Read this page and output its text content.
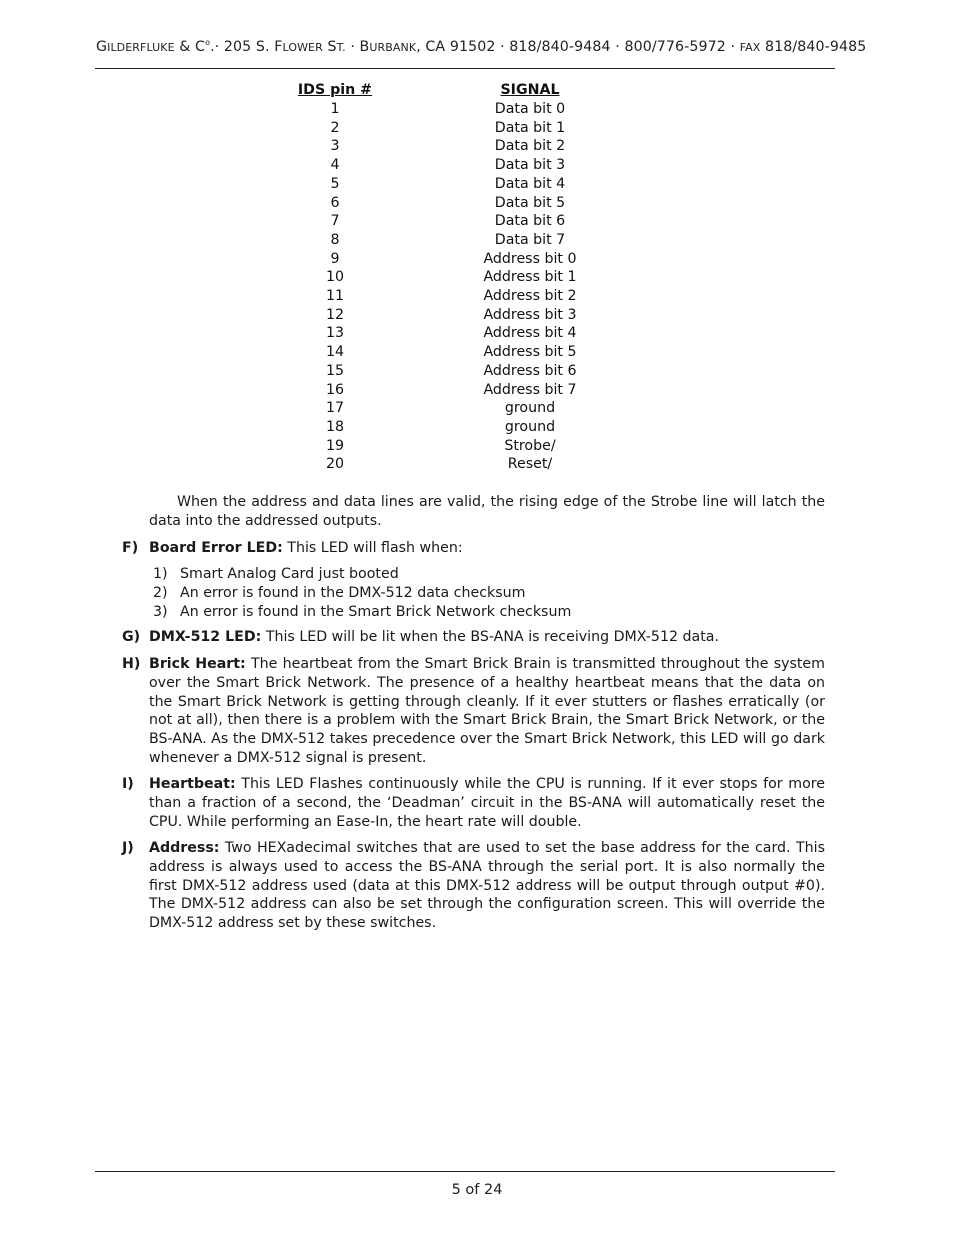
GILDERFLUKE & $C^o.\cdot 205$ S. FLOWER ST. · BURBANK, CA 91502 · 818/840-9484 · 800/776-5972 · FAX 818/840-9485
IDS pin #	SIGNAL
1	Data bit 0
2	Data bit 1
3	Data bit 2
4	Data bit 3
5	Data bit 4
6	Data bit 5
7	Data bit 6
8	Data bit 7
9	Address bit 0
10	Address bit 1
11	Address bit 2
12	Address bit 3
13	Address bit 4
14	Address bit 5
15	Address bit 6
16	Address bit 7
17	ground
18	ground
19	Strobe/
20	Reset/
When the address and data lines are valid, the rising edge of the Strobe line will latch the data into the addressed outputs.
F) Board Error LED: This LED will flash when:
1) Smart Analog Card just booted
2) An error is found in the DMX-512 data checksum
3) An error is found in the Smart Brick Network checksum
G) DMX-512 LED: This LED will be lit when the BS-ANA is receiving DMX-512 data.
H) Brick Heart: The heartbeat from the Smart Brick Brain is transmitted throughout the system over the Smart Brick Network. The presence of a healthy heartbeat means that the data on the Smart Brick Network is getting through cleanly. If it ever stutters or flashes erratically (or not at all), then there is a problem with the Smart Brick Brain, the Smart Brick Network, or the BS-ANA. As the DMX-512 takes precedence over the Smart Brick Network, this LED will go dark whenever a DMX-512 signal is present.
I) Heartbeat: This LED Flashes continuously while the CPU is running. If it ever stops for more than a fraction of a second, the ‘Deadman’ circuit in the BS-ANA will automatically reset the CPU. While performing an Ease-In, the heart rate will double.
J) Address: Two HEXadecimal switches that are used to set the base address for the card. This address is always used to access the BS-ANA through the serial port. It is also normally the first DMX-512 address used (data at this DMX-512 address will be output through output #0). The DMX-512 address can also be set through the configuration screen. This will override the DMX-512 address set by these switches.
5 of 24
